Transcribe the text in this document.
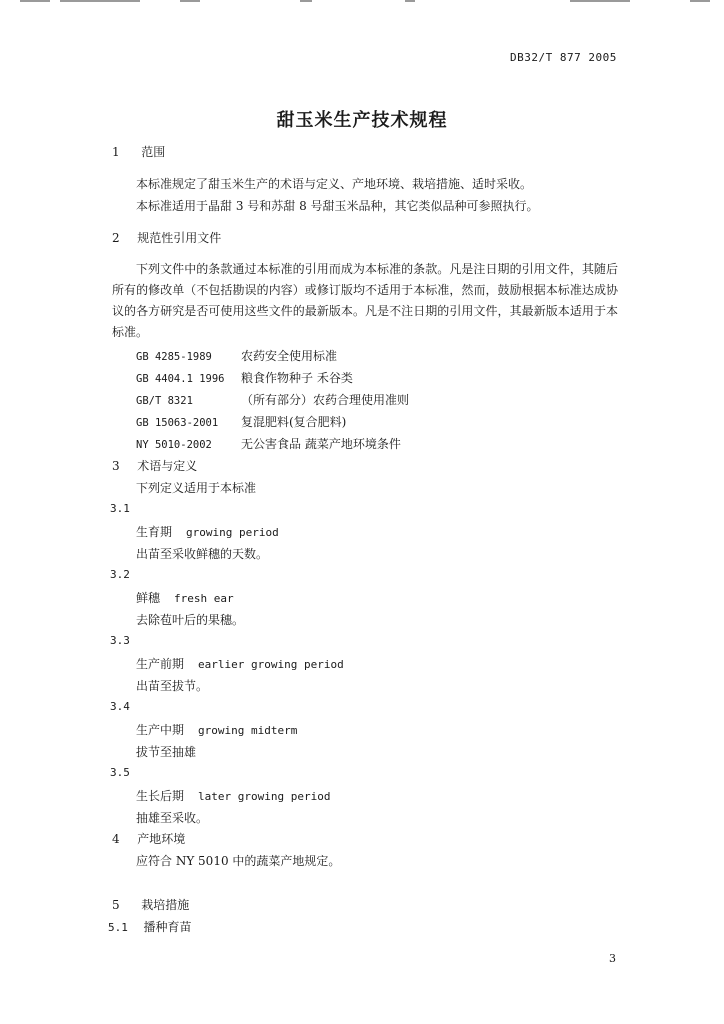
DB32/T 877 2005
甜玉米生产技术规程
1 范围
本标准规定了甜玉米生产的术语与定义、产地环境、栽培措施、适时采收。
本标准适用于晶甜 3 号和苏甜 8 号甜玉米品种，其它类似品种可参照执行。
2 规范性引用文件
下列文件中的条款通过本标准的引用而成为本标准的条款。凡是注日期的引用文件，其随后所有的修改单（不包括勘误的内容）或修订版均不适用于本标准，然而，鼓励根据本标准达成协议的各方研究是否可使用这些文件的最新版本。凡是不注日期的引用文件，其最新版本适用于本标准。
GB 4285-1989 农药安全使用标准
GB 4404.1 1996 粮食作物种子 禾谷类
GB/T 8321	（所有部分）农药合理使用准则
GB 15063-2001 复混肥料(复合肥料)
NY 5010-2002 无公害食品 蔬菜产地环境条件
3 术语与定义
下列定义适用于本标准
3.1
生育期 growing period
出苗至采收鲜穗的天数。
3.2
鲜穗 fresh ear
去除苞叶后的果穗。
3.3
生产前期 earlier growing period
出苗至拔节。
3.4
生产中期 growing midterm
拔节至抽雄
3.5
生长后期 later growing period
抽雄至采收。
4 产地环境
应符合 NY 5010 中的蔬菜产地规定。
5 栽培措施
5.1 播种育苗
3
